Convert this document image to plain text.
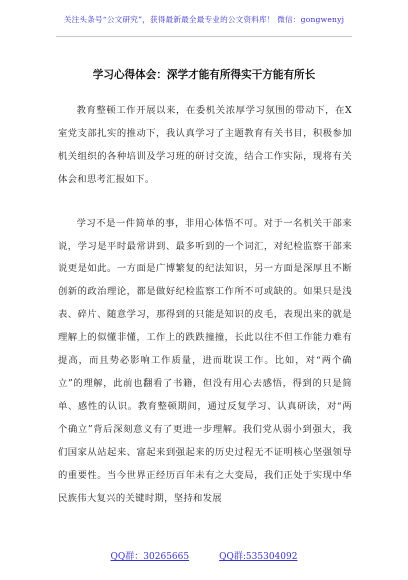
关注头条号“公文研究”，获得最新最全最专业的公文资料库！ 微信：gongwenyj
学习心得体会：深学才能有所得实干方能有所长

教育整顿工作开展以来，在委机关浓厚学习氛围的带动下，在X室党支部扎实的推动下，我认真学习了主题教育有关书目，积极参加机关组织的各种培训及学习班的研讨交流，结合工作实际，现将有关体会和思考汇报如下。

学习不是一件简单的事，非用心体悟不可。对于一名机关干部来说，学习是平时最常讲到、最多听到的一个词汇，对纪检监察干部来说更是如此。一方面是广博繁复的纪法知识，另一方面是深厚且不断创新的政治理论，都是做好纪检监察工作所不可或缺的。如果只是浅表、碎片、随意学习，那得到的只能是知识的皮毛，表现出来的就是理解上的似懂非懂，工作上的跌跌撞撞，长此以往不但工作能力难有提高，而且势必影响工作质量，进而耽误工作。比如，对“两个确立”的理解，此前也翻看了书籍，但没有用心去感悟，得到的只是简单、感性的认识。教育整顿期间，通过反复学习、认真研读，对“两个确立”背后深刻意义有了更进一步理解。我们党从弱小到强大，我们国家从站起来、富起来到强起来的历史过程无不证明核心坚强领导的重要性。当今世界正经历百年未有之大变局，我们正处于实现中华民族伟大复兴的关键时期，坚持和发展

QQ群：30265665	QQ群:535304092
